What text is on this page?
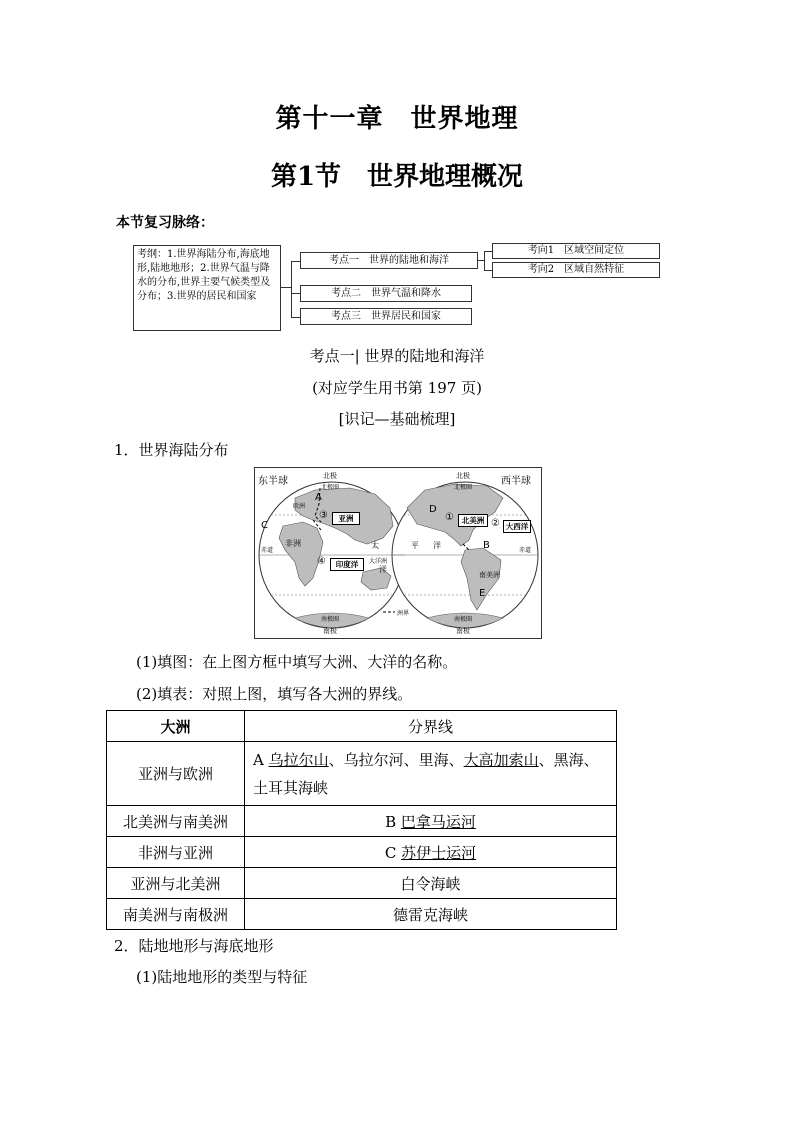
第十一章　世界地理
第1节　世界地理概况
本节复习脉络：
考纲：1.世界海陆分布,海底地形,陆地地形；2.世界气温与降水的分布,世界主要气候类型及分布；3.世界的居民和国家
考点一　世界的陆地和海洋
考点二　世界气温和降水
考点三　世界居民和国家
考向1　区域空间定位
考向2　区域自然特征
考点一| 世界的陆地和海洋
(对应学生用书第 197 页)
[识记—基础梳理]
1．世界海陆分布
东半球	西半球
北极	北极
北极圈	北极圈
赤道	赤道
南极圈	南极圈
南极	南极
③	亚洲
④	印度洋
①	北美洲 ② 大西洋
欧洲
非洲	太
洋
大洋洲
平 洋
南美洲
A
B
C
D
E
洲界
(1)填图：在上图方框中填写大洲、大洋的名称。
(2)填表：对照上图，填写各大洲的界线。
大洲	分界线
亚洲与欧洲	A 乌拉尔山、乌拉尔河、里海、大高加索山、黑海、土耳其海峡
北美洲与南美洲	B 巴拿马运河
非洲与亚洲	C 苏伊士运河
亚洲与北美洲	白令海峡
南美洲与南极洲	德雷克海峡
2．陆地地形与海底地形
(1)陆地地形的类型与特征
